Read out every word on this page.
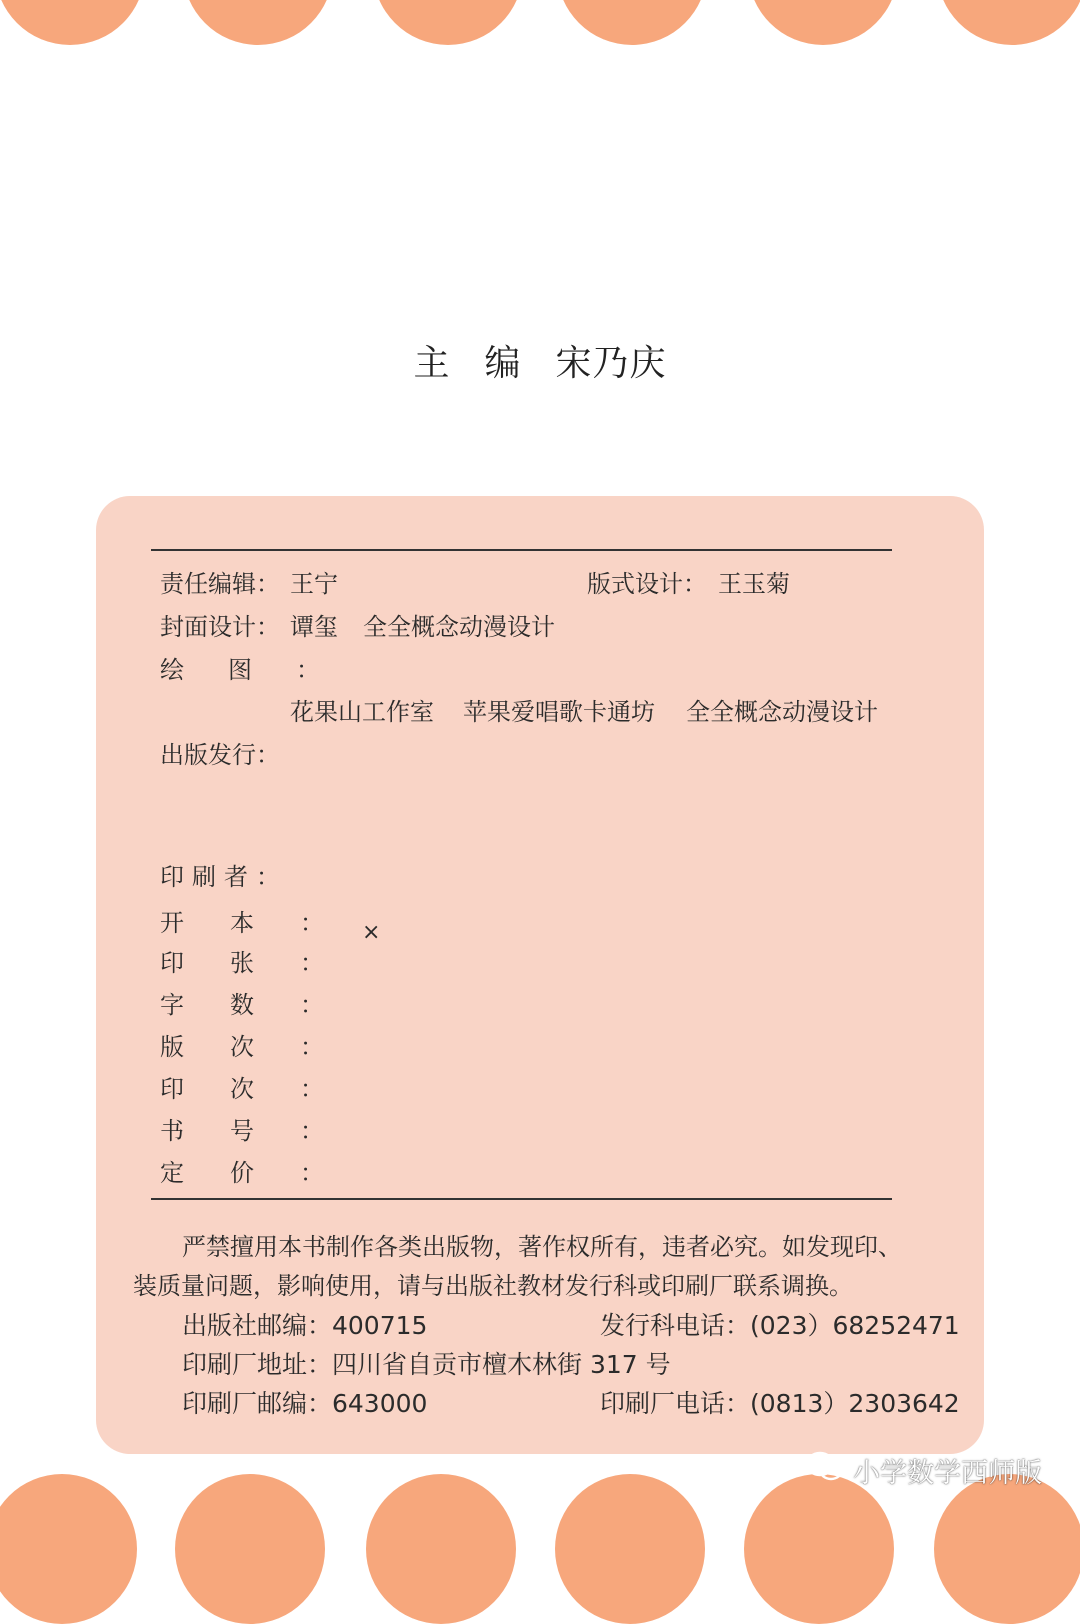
主 编 宋乃庆
责任编辑： 王宁	版式设计： 王玉菊
封面设计： 谭玺 全全概念动漫设计
绘图：
花果山工作室 苹果爱唱歌卡通坊 全全概念动漫设计
出版发行：
印刷者：
开本：
×
印张：
字数：
版次：
印次：
书号：
定价：
严禁擅用本书制作各类出版物，著作权所有，违者必究。如发现印、
装质量问题，影响使用，请与出版社教材发行科或印刷厂联系调换。
出版社邮编：400715	发行科电话：(023）68252471
印刷厂地址：四川省自贡市檀木林街 317 号
印刷厂邮编：643000	印刷厂电话：(0813）2303642
小学数学西师版
